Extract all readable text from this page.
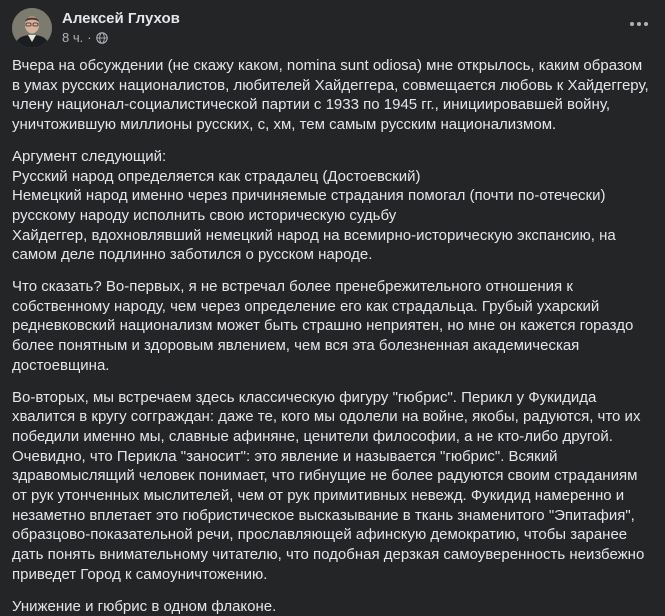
Алексей Глухов
8 ч. ·

Вчера на обсуждении (не скажу каком, nomina sunt odiosa) мне открылось, каким образом в умах русских националистов, любителей Хайдеггера, совмещается любовь к Хайдеггеру, члену национал-социалистической партии с 1933 по 1945 гг., инициировавшей войну, уничтожившую миллионы русских, с, хм, тем самым русским национализмом.

Аргумент следующий:
Русский народ определяется как страдалец (Достоевский)
Немецкий народ именно через причиняемые страдания помогал (почти по-отечески) русскому народу исполнить свою историческую судьбу
Хайдеггер, вдохновлявший немецкий народ на всемирно-историческую экспансию, на самом деле подлинно заботился о русском народе.

Что сказать? Во-первых, я не встречал более пренебрежительного отношения к собственному народу, чем через определение его как страдальца. Грубый ухарский редневковский национализм может быть страшно неприятен, но мне он кажется гораздо более понятным и здоровым явлением, чем вся эта болезненная академическая достоевщина.

Во-вторых, мы встречаем здесь классическую фигуру "гюбрис". Перикл у Фукидида хвалится в кругу согграждан: даже те, кого мы одолели на войне, якобы, радуются, что их победили именно мы, славные афиняне, ценители философии, а не кто-либо другой. Очевидно, что Перикла "заносит": это явление и называется "гюбрис". Всякий здравомыслящий человек понимает, что гибнущие не более радуются своим страданиям от рук утонченных мыслителей, чем от рук примитивных невежд. Фукидид намеренно и незаметно вплетает это гюбристическое высказывание в ткань знаменитого "Эпитафия", образцово-показательной речи, прославляющей афинскую демократию, чтобы заранее дать понять внимательному читателю, что подобная дерзкая самоуверенность неизбежно приведет Город к самоуничтожению.

Унижение и гюбрис в одном флаконе.
